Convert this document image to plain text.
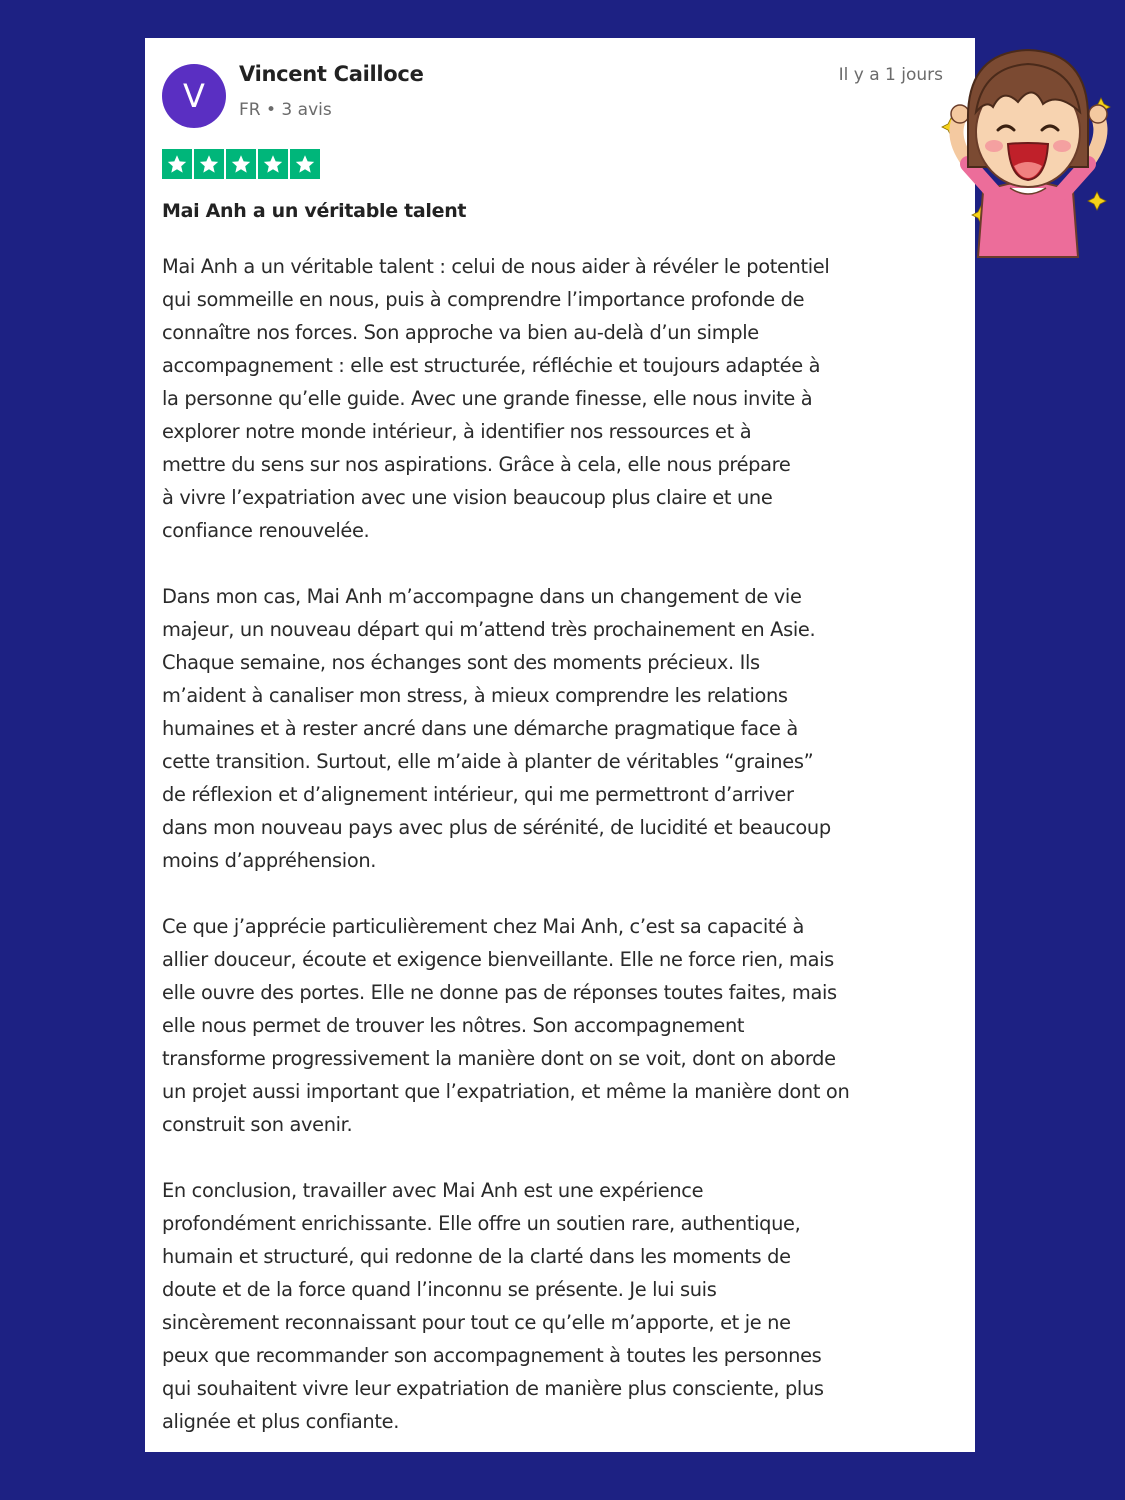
V
Vincent Cailloce
FR • 3 avis
Il y a 1 jours
Mai Anh a un véritable talent

Mai Anh a un véritable talent : celui de nous aider à révéler le potentiel
qui sommeille en nous, puis à comprendre l’importance profonde de
connaître nos forces. Son approche va bien au-delà d’un simple
accompagnement : elle est structurée, réfléchie et toujours adaptée à
la personne qu’elle guide. Avec une grande finesse, elle nous invite à
explorer notre monde intérieur, à identifier nos ressources et à
mettre du sens sur nos aspirations. Grâce à cela, elle nous prépare
à vivre l’expatriation avec une vision beaucoup plus claire et une
confiance renouvelée.

Dans mon cas, Mai Anh m’accompagne dans un changement de vie
majeur, un nouveau départ qui m’attend très prochainement en Asie.
Chaque semaine, nos échanges sont des moments précieux. Ils
m’aident à canaliser mon stress, à mieux comprendre les relations
humaines et à rester ancré dans une démarche pragmatique face à
cette transition. Surtout, elle m’aide à planter de véritables “graines”
de réflexion et d’alignement intérieur, qui me permettront d’arriver
dans mon nouveau pays avec plus de sérénité, de lucidité et beaucoup
moins d’appréhension.

Ce que j’apprécie particulièrement chez Mai Anh, c’est sa capacité à
allier douceur, écoute et exigence bienveillante. Elle ne force rien, mais
elle ouvre des portes. Elle ne donne pas de réponses toutes faites, mais
elle nous permet de trouver les nôtres. Son accompagnement
transforme progressivement la manière dont on se voit, dont on aborde
un projet aussi important que l’expatriation, et même la manière dont on
construit son avenir.

En conclusion, travailler avec Mai Anh est une expérience
profondément enrichissante. Elle offre un soutien rare, authentique,
humain et structuré, qui redonne de la clarté dans les moments de
doute et de la force quand l’inconnu se présente. Je lui suis
sincèrement reconnaissant pour tout ce qu’elle m’apporte, et je ne
peux que recommander son accompagnement à toutes les personnes
qui souhaitent vivre leur expatriation de manière plus consciente, plus
alignée et plus confiante.
